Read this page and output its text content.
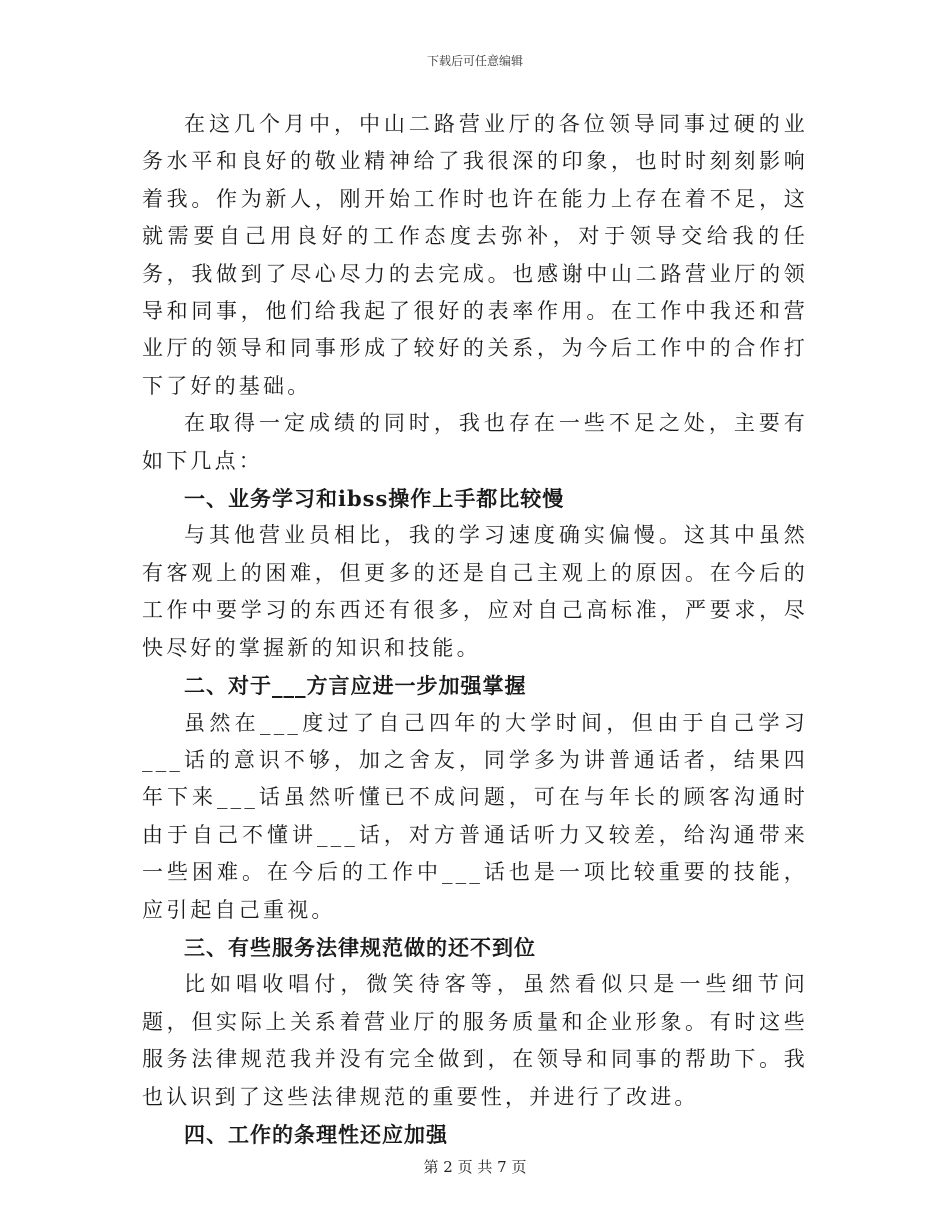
下载后可任意编辑

在这几个月中，中山二路营业厅的各位领导同事过硬的业务水平和良好的敬业精神给了我很深的印象，也时时刻刻影响着我。作为新人，刚开始工作时也许在能力上存在着不足，这就需要自己用良好的工作态度去弥补，对于领导交给我的任务，我做到了尽心尽力的去完成。也感谢中山二路营业厅的领导和同事，他们给我起了很好的表率作用。在工作中我还和营业厅的领导和同事形成了较好的关系，为今后工作中的合作打下了好的基础。

在取得一定成绩的同时，我也存在一些不足之处，主要有如下几点：

一、业务学习和ibss操作上手都比较慢

与其他营业员相比，我的学习速度确实偏慢。这其中虽然有客观上的困难，但更多的还是自己主观上的原因。在今后的工作中要学习的东西还有很多，应对自己高标准，严要求，尽快尽好的掌握新的知识和技能。

二、对于___方言应进一步加强掌握

虽然在___度过了自己四年的大学时间，但由于自己学习___话的意识不够，加之舍友，同学多为讲普通话者，结果四年下来___话虽然听懂已不成问题，可在与年长的顾客沟通时由于自己不懂讲___话，对方普通话听力又较差，给沟通带来一些困难。在今后的工作中___话也是一项比较重要的技能，应引起自己重视。

三、有些服务法律规范做的还不到位

比如唱收唱付，微笑待客等，虽然看似只是一些细节问题，但实际上关系着营业厅的服务质量和企业形象。有时这些服务法律规范我并没有完全做到，在领导和同事的帮助下。我也认识到了这些法律规范的重要性，并进行了改进。

四、工作的条理性还应加强

第 2 页 共 7 页
